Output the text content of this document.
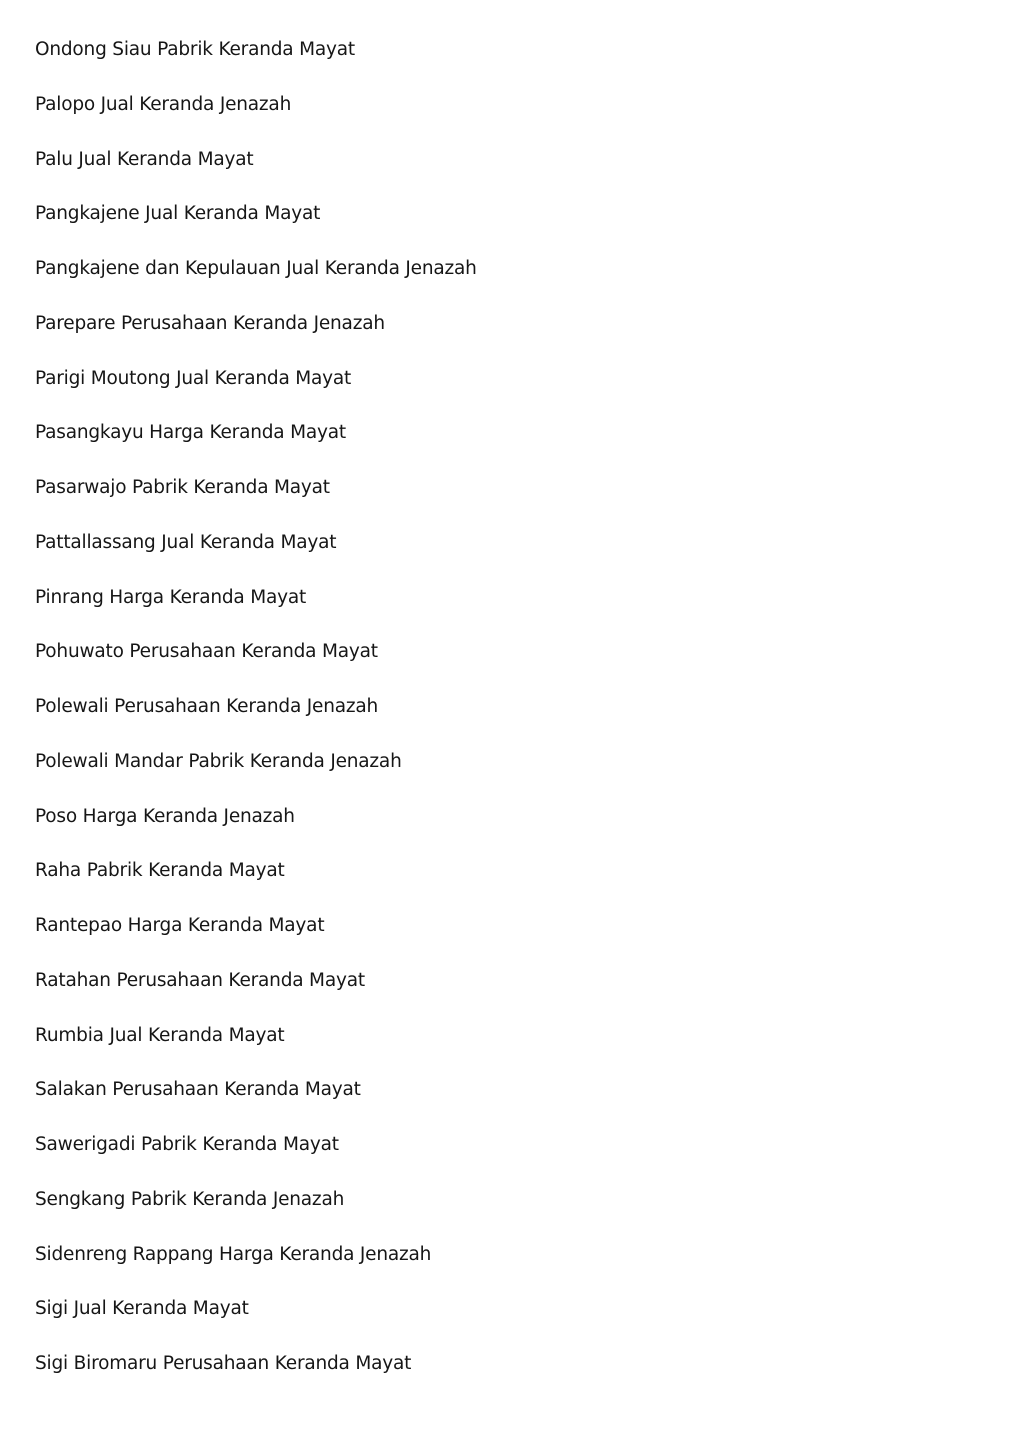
Ondong Siau Pabrik Keranda Mayat
Palopo Jual Keranda Jenazah
Palu Jual Keranda Mayat
Pangkajene Jual Keranda Mayat
Pangkajene dan Kepulauan Jual Keranda Jenazah
Parepare Perusahaan Keranda Jenazah
Parigi Moutong Jual Keranda Mayat
Pasangkayu Harga Keranda Mayat
Pasarwajo Pabrik Keranda Mayat
Pattallassang Jual Keranda Mayat
Pinrang Harga Keranda Mayat
Pohuwato Perusahaan Keranda Mayat
Polewali Perusahaan Keranda Jenazah
Polewali Mandar Pabrik Keranda Jenazah
Poso Harga Keranda Jenazah
Raha Pabrik Keranda Mayat
Rantepao Harga Keranda Mayat
Ratahan Perusahaan Keranda Mayat
Rumbia Jual Keranda Mayat
Salakan Perusahaan Keranda Mayat
Sawerigadi Pabrik Keranda Mayat
Sengkang Pabrik Keranda Jenazah
Sidenreng Rappang Harga Keranda Jenazah
Sigi Jual Keranda Mayat
Sigi Biromaru Perusahaan Keranda Mayat
